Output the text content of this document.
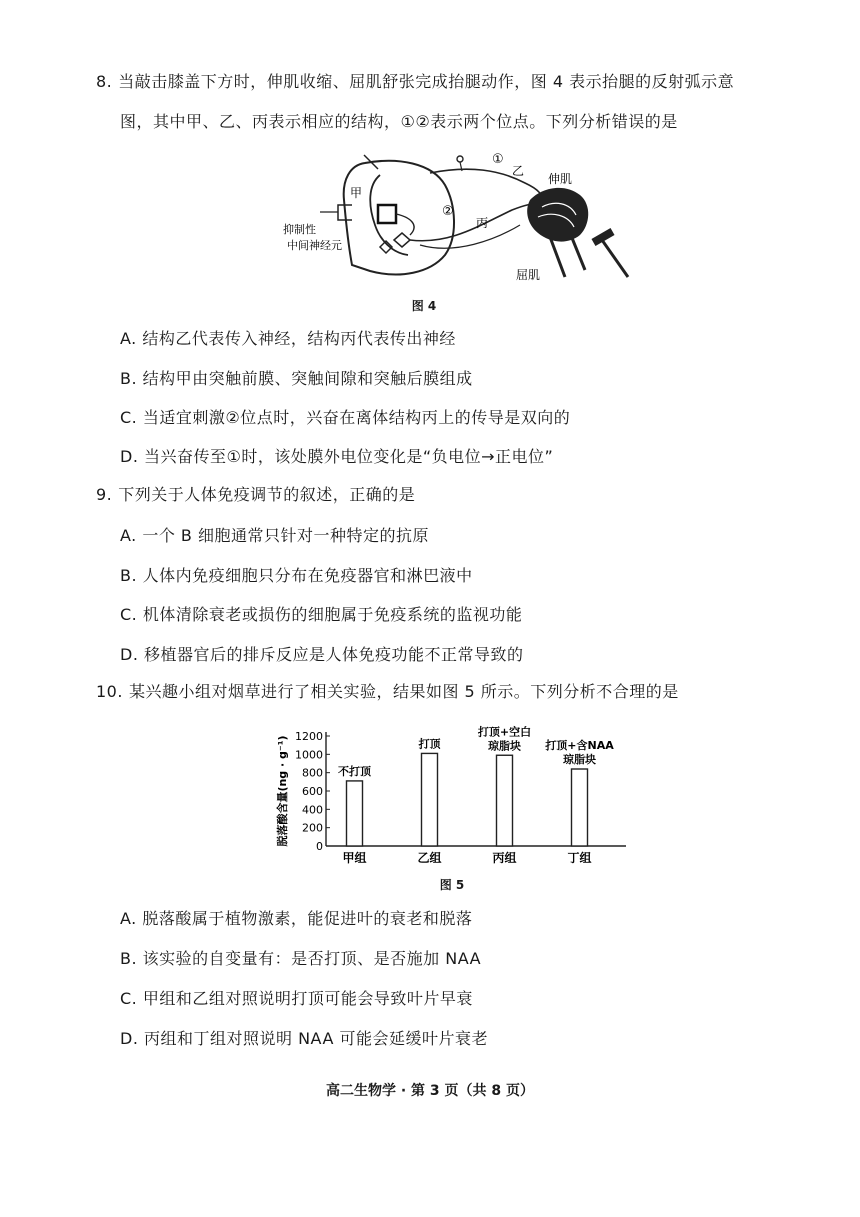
8. 当敲击膝盖下方时，伸肌收缩、屈肌舒张完成抬腿动作，图 4 表示抬腿的反射弧示意
图，其中甲、乙、丙表示相应的结构，①②表示两个位点。下列分析错误的是
甲
①
乙
②
丙
伸肌
屈肌
抑制性
中间神经元
图 4
A. 结构乙代表传入神经，结构丙代表传出神经
B. 结构甲由突触前膜、突触间隙和突触后膜组成
C. 当适宜刺激②位点时，兴奋在离体结构丙上的传导是双向的
D. 当兴奋传至①时，该处膜外电位变化是“负电位→正电位”
9. 下列关于人体免疫调节的叙述，正确的是
A. 一个 B 细胞通常只针对一种特定的抗原
B. 人体内免疫细胞只分布在免疫器官和淋巴液中
C. 机体清除衰老或损伤的细胞属于免疫系统的监视功能
D. 移植器官后的排斥反应是人体免疫功能不正常导致的
10. 某兴趣小组对烟草进行了相关实验，结果如图 5 所示。下列分析不合理的是
0
200
400
600
800
1000
1200
脱落酸含量(ng · g⁻¹)
甲组
不打顶
乙组
打顶
丙组
打顶+空白
琼脂块
丁组
打顶+含NAA
琼脂块
图 5
A. 脱落酸属于植物激素，能促进叶的衰老和脱落
B. 该实验的自变量有：是否打顶、是否施加 NAA
C. 甲组和乙组对照说明打顶可能会导致叶片早衰
D. 丙组和丁组对照说明 NAA 可能会延缓叶片衰老
高二生物学 · 第 3 页（共 8 页）
